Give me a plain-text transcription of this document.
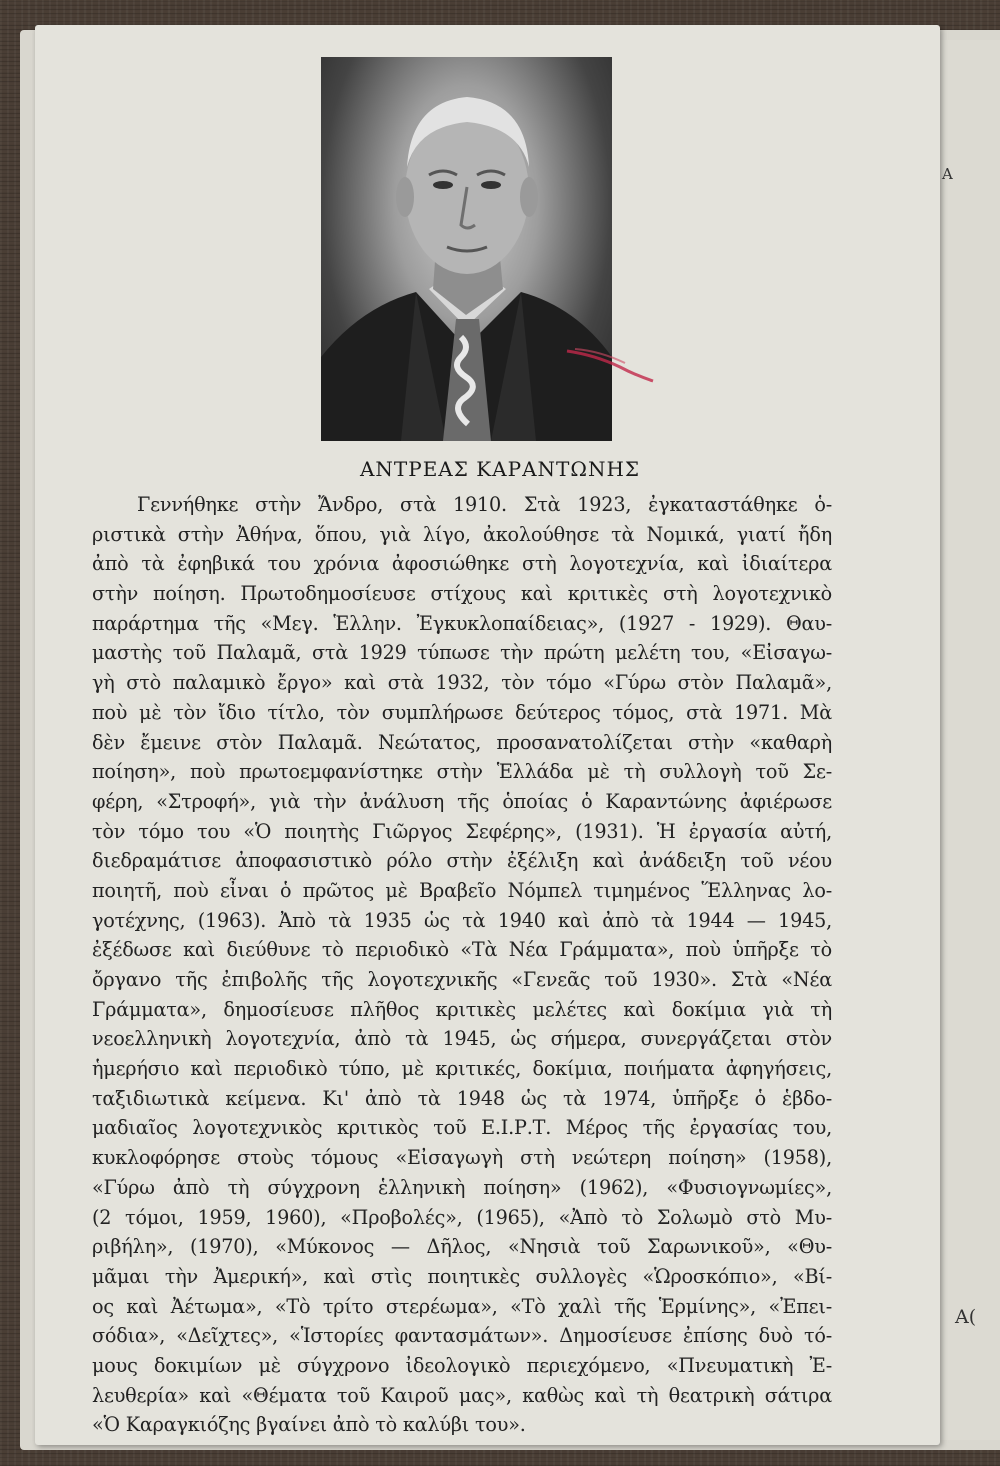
A
A(
ΑΝΤΡΕΑΣ ΚΑΡΑΝΤΩΝΗΣ
Γεννήθηκε στὴν Ἄνδρο, στὰ 1910. Στὰ 1923, ἐγκαταστάθηκε ὁ-
ριστικὰ στὴν Ἀθήνα, ὅπου, γιὰ λίγο, ἀκολούθησε τὰ Νομικά, γιατί ἤδη
ἀπὸ τὰ ἐφηβικά του χρόνια ἀφοσιώθηκε στὴ λογοτεχνία, καὶ ἰδιαίτερα
στὴν ποίηση. Πρωτοδημοσίευσε στίχους καὶ κριτικὲς στὴ λογοτεχνικὸ
παράρτημα τῆς «Μεγ. Ἑλλην. Ἐγκυκλοπαίδειας», (1927 - 1929). Θαυ-
μαστὴς τοῦ Παλαμᾶ, στὰ 1929 τύπωσε τὴν πρώτη μελέτη του, «Εἰσαγω-
γὴ στὸ παλαμικὸ ἔργο» καὶ στὰ 1932, τὸν τόμο «Γύρω στὸν Παλαμᾶ»,
ποὺ μὲ τὸν ἴδιο τίτλο, τὸν συμπλήρωσε δεύτερος τόμος, στὰ 1971. Μὰ
δὲν ἔμεινε στὸν Παλαμᾶ. Νεώτατος, προσανατολίζεται στὴν «καθαρὴ
ποίηση», ποὺ πρωτοεμφανίστηκε στὴν Ἑλλάδα μὲ τὴ συλλογὴ τοῦ Σε-
φέρη, «Στροφή», γιὰ τὴν ἀνάλυση τῆς ὁποίας ὁ Καραντώνης ἀφιέρωσε
τὸν τόμο του «Ὁ ποιητὴς Γιῶργος Σεφέρης», (1931). Ἡ ἐργασία αὐτή,
διεδραμάτισε ἀποφασιστικὸ ρόλο στὴν ἐξέλιξη καὶ ἀνάδειξη τοῦ νέου
ποιητῆ, ποὺ εἶναι ὁ πρῶτος μὲ Βραβεῖο Νόμπελ τιμημένος Ἕλληνας λο-
γοτέχνης, (1963). Ἀπὸ τὰ 1935 ὡς τὰ 1940 καὶ ἀπὸ τὰ 1944 — 1945,
ἐξέδωσε καὶ διεύθυνε τὸ περιοδικὸ «Τὰ Νέα Γράμματα», ποὺ ὑπῆρξε τὸ
ὄργανο τῆς ἐπιβολῆς τῆς λογοτεχνικῆς «Γενεᾶς τοῦ 1930». Στὰ «Νέα
Γράμματα», δημοσίευσε πλῆθος κριτικὲς μελέτες καὶ δοκίμια γιὰ τὴ
νεοελληνικὴ λογοτεχνία, ἀπὸ τὰ 1945, ὡς σήμερα, συνεργάζεται στὸν
ἡμερήσιο καὶ περιοδικὸ τύπο, μὲ κριτικές, δοκίμια, ποιήματα ἀφηγήσεις,
ταξιδιωτικὰ κείμενα. Κι' ἀπὸ τὰ 1948 ὡς τὰ 1974, ὑπῆρξε ὁ ἑβδο-
μαδιαῖος λογοτεχνικὸς κριτικὸς τοῦ Ε.Ι.Ρ.Τ. Μέρος τῆς ἐργασίας του,
κυκλοφόρησε στοὺς τόμους «Εἰσαγωγὴ στὴ νεώτερη ποίηση» (1958),
«Γύρω ἀπὸ τὴ σύγχρονη ἑλληνικὴ ποίηση» (1962), «Φυσιογνωμίες»,
(2 τόμοι, 1959, 1960), «Προβολές», (1965), «Ἀπὸ τὸ Σολωμὸ στὸ Μυ-
ριβήλη», (1970), «Μύκονος — Δῆλος, «Νησιὰ τοῦ Σαρωνικοῦ», «Θυ-
μᾶμαι τὴν Ἀμερική», καὶ στὶς ποιητικὲς συλλογὲς «Ὡροσκόπιο», «Βί-
ος καὶ Ἀέτωμα», «Τὸ τρίτο στερέωμα», «Τὸ χαλὶ τῆς Ἑρμίνης», «Ἐπει-
σόδια», «Δεῖχτες», «Ἱστορίες φαντασμάτων». Δημοσίευσε ἐπίσης δυὸ τό-
μους δοκιμίων μὲ σύγχρονο ἰδεολογικὸ περιεχόμενο, «Πνευματικὴ Ἐ-
λευθερία» καὶ «Θέματα τοῦ Καιροῦ μας», καθὼς καὶ τὴ θεατρικὴ σάτιρα
«Ὁ Καραγκιόζης βγαίνει ἀπὸ τὸ καλύβι του».
